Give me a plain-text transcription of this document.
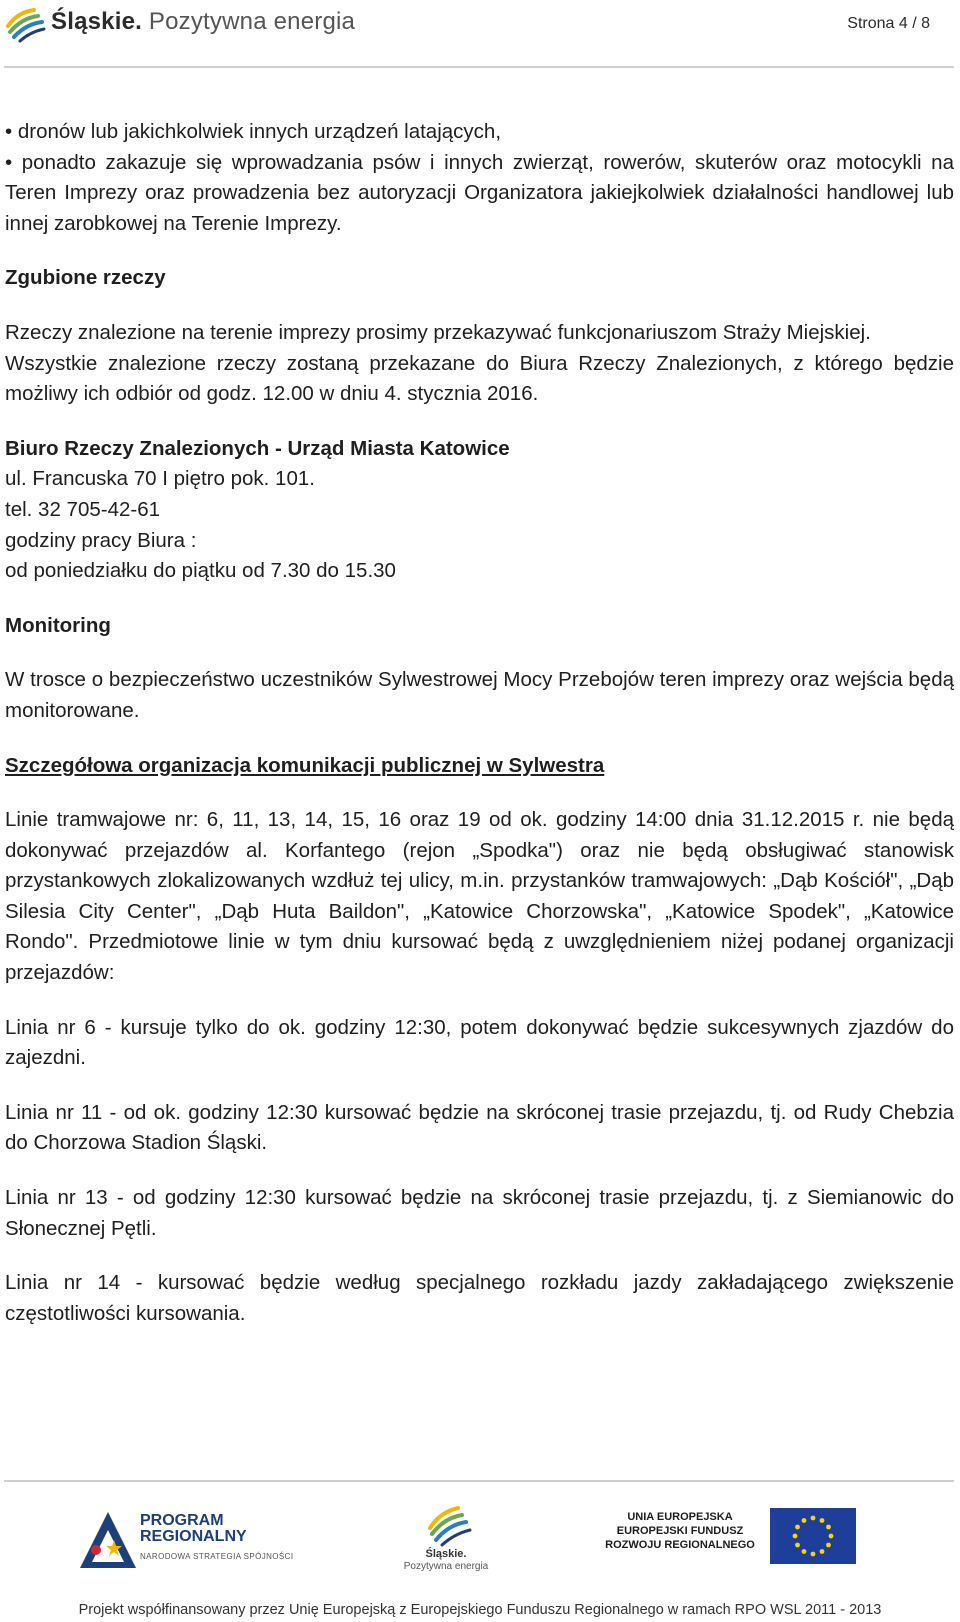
Śląskie. Pozytywna energia	Strona 4 / 8

• dronów lub jakichkolwiek innych urządzeń latających,

• ponadto zakazuje się wprowadzania psów i innych zwierząt, rowerów, skuterów oraz motocykli na Teren Imprezy oraz prowadzenia bez autoryzacji Organizatora jakiejkolwiek działalności handlowej lub innej zarobkowej na Terenie Imprezy.

Zgubione rzeczy

Rzeczy znalezione na terenie imprezy prosimy przekazywać funkcjonariuszom Straży Miejskiej.

Wszystkie znalezione rzeczy zostaną przekazane do Biura Rzeczy Znalezionych, z którego będzie możliwy ich odbiór od godz. 12.00 w dniu 4. stycznia 2016.

Biuro Rzeczy Znalezionych - Urząd Miasta Katowice
ul. Francuska 70 I piętro pok. 101.
tel. 32 705-42-61
godziny pracy Biura :
od poniedziałku do piątku od 7.30 do 15.30
Monitoring

W trosce o bezpieczeństwo uczestników Sylwestrowej Mocy Przebojów teren imprezy oraz wejścia będą monitorowane.

Szczegółowa organizacja komunikacji publicznej w Sylwestra

Linie tramwajowe nr: 6, 11, 13, 14, 15, 16 oraz 19 od ok. godziny 14:00 dnia 31.12.2015 r. nie będą dokonywać przejazdów al. Korfantego (rejon „Spodka") oraz nie będą obsługiwać stanowisk przystankowych zlokalizowanych wzdłuż tej ulicy, m.in. przystanków tramwajowych: „Dąb Kościół", „Dąb Silesia City Center", „Dąb Huta Baildon", „Katowice Chorzowska", „Katowice Spodek", „Katowice Rondo". Przedmiotowe linie w tym dniu kursować będą z uwzględnieniem niżej podanej organizacji przejazdów:

Linia nr 6 - kursuje tylko do ok. godziny 12:30, potem dokonywać będzie sukcesywnych zjazdów do zajezdni.

Linia nr 11 - od ok. godziny 12:30 kursować będzie na skróconej trasie przejazdu, tj. od Rudy Chebzia do Chorzowa Stadion Śląski.

Linia nr 13 - od godziny 12:30 kursować będzie na skróconej trasie przejazdu, tj. z Siemianowic do Słonecznej Pętli.

Linia nr 14 - kursować będzie według specjalnego rozkładu jazdy zakładającego zwiększenie częstotliwości kursowania.

PROGRAM
REGIONALNY
NARODOWA STRATEGIA SPÓJNOŚCI	Śląskie.
Pozytywna energia
UNIA EUROPEJSKA
EUROPEJSKI FUNDUSZ
ROZWOJU REGIONALNEGO
Projekt współfinansowany przez Unię Europejską z Europejskiego Funduszu Regionalnego w ramach RPO WSL 2011 - 2013
